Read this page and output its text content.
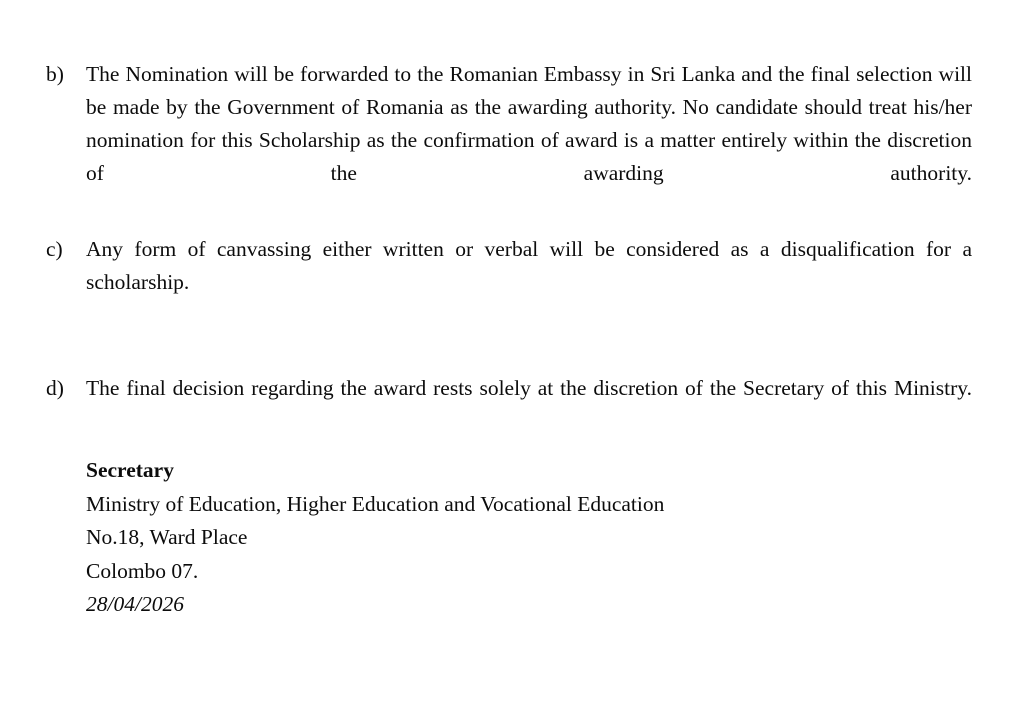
b)	The Nomination will be forwarded to the Romanian Embassy in Sri Lanka and the final selection will be made by the Government of Romania as the awarding authority. No candidate should treat his/her nomination for this Scholarship as the confirmation of award is a matter entirely within the discretion of the awarding authority.
c)	Any form of canvassing either written or verbal will be considered as a disqualification for a scholarship.
d)	The final decision regarding the award rests solely at the discretion of the Secretary of this Ministry.
Secretary
Ministry of Education, Higher Education and Vocational Education
No.18, Ward Place
Colombo 07.
28/04/2026
